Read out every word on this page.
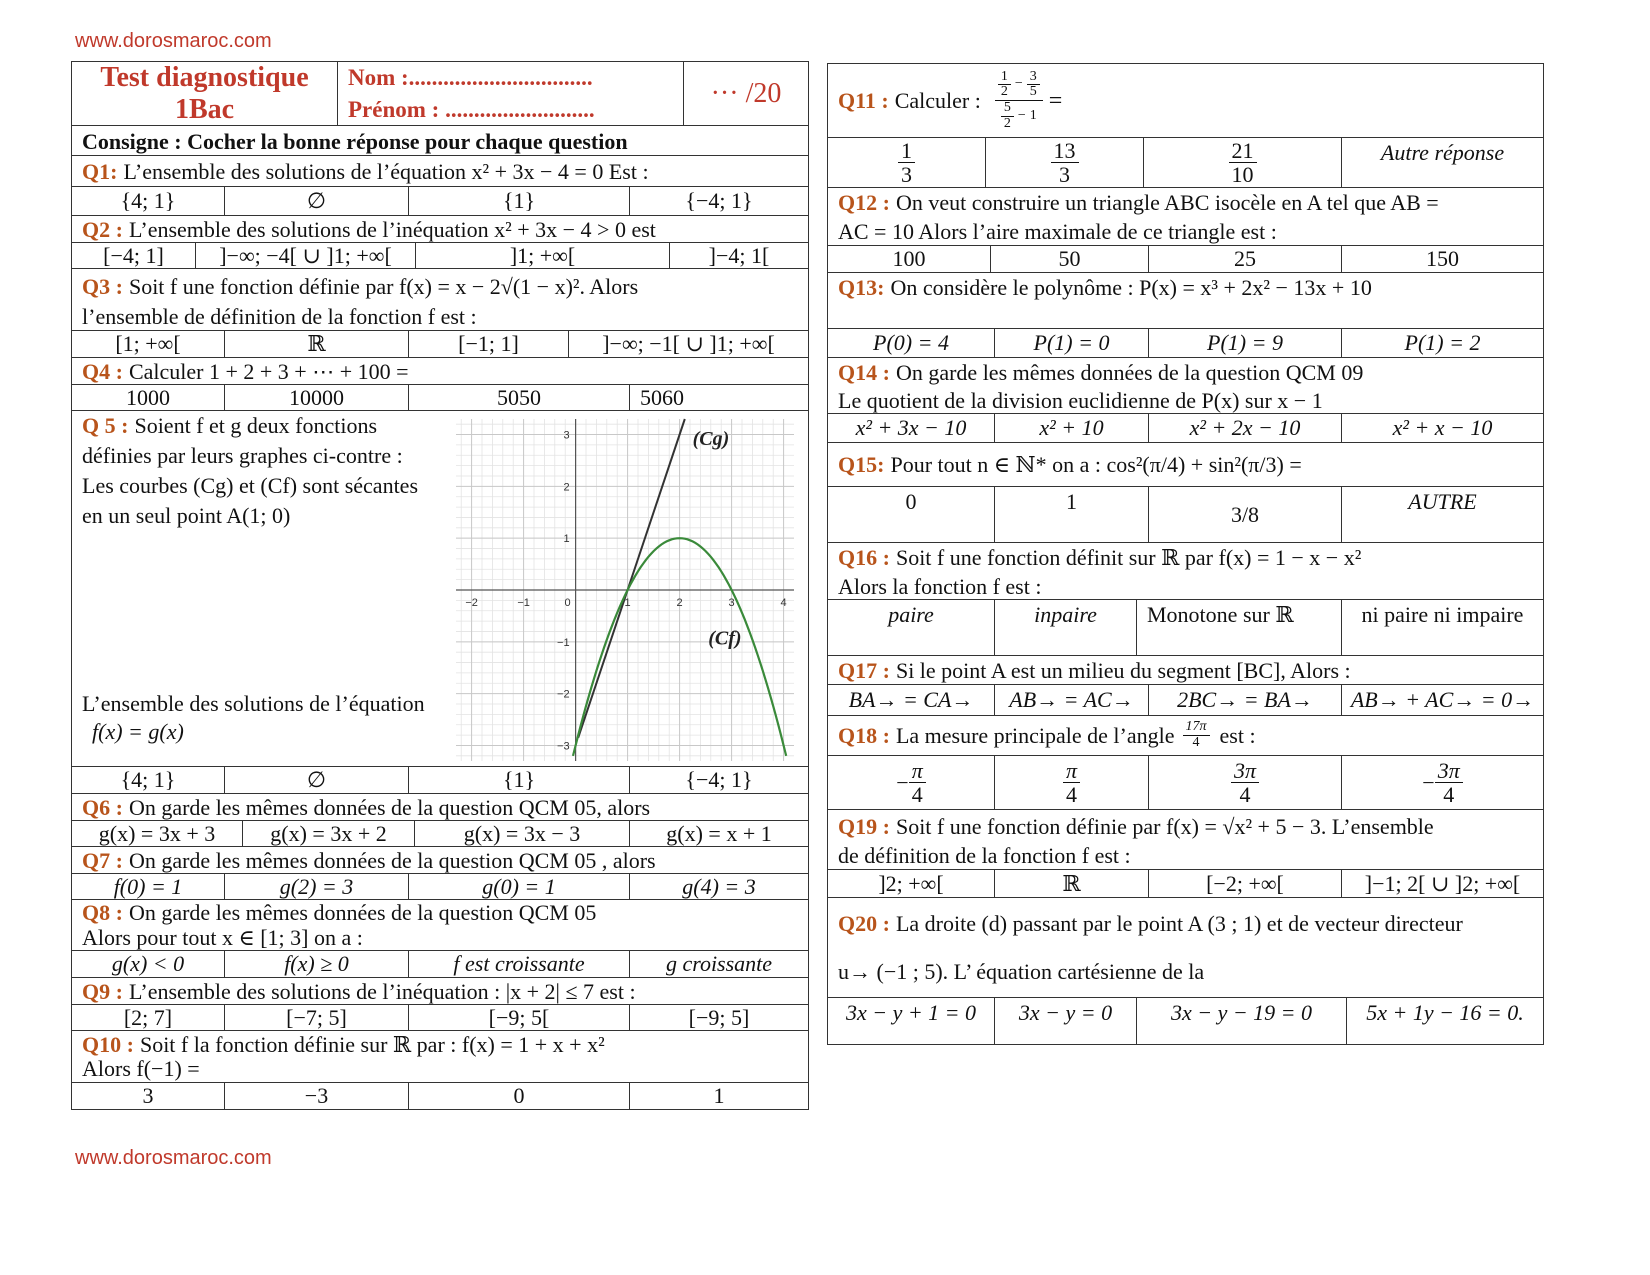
www.dorosmaroc.com
www.dorosmaroc.com
Test diagnostique
1Bac
Nom :................................
Prénom : ..........................
··· /20
Consigne : Cocher la bonne réponse pour chaque question
Q1: L’ensemble des solutions de l’équation x² + 3x − 4 = 0 Est :
{4; 1}	∅	{1}	{−4; 1}
Q2 : L’ensemble des solutions de l’inéquation x² + 3x − 4 > 0 est
[−4; 1]	]−∞; −4[ ∪ ]1; +∞[	]1; +∞[	]−4; 1[
Q3 : Soit f une fonction définie par f(x) = x − 2√(1 − x)². Alors
l’ensemble de définition de la fonction f est :
[1; +∞[	ℝ	[−1; 1]	]−∞; −1[ ∪ ]1; +∞[
Q4 : Calculer 1 + 2 + 3 + ⋯ + 100 =
1000	10000	5050	5060
Q 5 : Soient f et g deux fonctions
définies par leurs graphes ci-contre :
Les courbes (Cg) et (Cf) sont sécantes
en un seul point A(1; 0)
L’ensemble des solutions de l’équation
f(x) = g(x)
−2	−1	0	1	2	3	4
3
2
1
−1
−2
−3
(Cg)
(Cf)
{4; 1}	∅	{1}	{−4; 1}
Q6 : On garde les mêmes données de la question QCM 05, alors
g(x) = 3x + 3	g(x) = 3x + 2	g(x) = 3x − 3	g(x) = x + 1
Q7 : On garde les mêmes données de la question QCM 05 , alors
f(0) = 1	g(2) = 3	g(0) = 1	g(4) = 3
Q8 : On garde les mêmes données de la question QCM 05
Alors pour tout x ∈ [1; 3] on a :
g(x) < 0	f(x) ≥ 0	f est croissante	g croissante
Q9 : L’ensemble des solutions de l’inéquation : |x + 2| ≤ 7 est :
[2; 7]	[−7; 5]	[−9; 5[	[−9; 5]
Q10 : Soit f la fonction définie sur ℝ par : f(x) = 1 + x + x²
Alors f(−1) =
3	−3	0	1
Q11 : Calculer : $\frac{\frac{1}{2} - \frac{3}{5}}{\frac{5}{2} - 1}$ =
$\frac{1}{3}$	$\frac{13}{3}$	$\frac{21}{10}$	Autre réponse
Q12 : On veut construire un triangle ABC isocèle en A tel que AB =
AC = 10 Alors l’aire maximale de ce triangle est :
100	50	25	150
Q13: On considère le polynôme : P(x) = x³ + 2x² − 13x + 10
P(0) = 4	P(1) = 0	P(1) = 9	P(1) = 2
Q14 : On garde les mêmes données de la question QCM 09
Le quotient de la division euclidienne de P(x) sur x − 1
x² + 3x − 10	x² + 10	x² + 2x − 10	x² + x − 10
Q15: Pour tout n ∈ ℕ* on a : cos²(π/4) + sin²(π/3) =
0	1	3/8	AUTRE
Q16 : Soit f une fonction définit sur ℝ par f(x) = 1 − x − x²
Alors la fonction f est :
paire	inpaire	Monotone sur ℝ	ni paire ni impaire
Q17 : Si le point A est un milieu du segment [BC], Alors :
BA→ = CA→	AB→ = AC→	2BC→ = BA→	AB→ + AC→ = 0→
Q18 : La mesure principale de l’angle $\frac{17\pi}{4}$ est :
− $\frac{\pi}{4}$	$\frac{\pi}{4}$	$\frac{3\pi}{4}$	− $\frac{3\pi}{4}$
Q19 : Soit f une fonction définie par f(x) = √x² + 5 − 3. L’ensemble
de définition de la fonction f est :
]2; +∞[	ℝ	[−2; +∞[	]−1; 2[ ∪ ]2; +∞[
Q20 : La droite (d) passant par le point A (3 ; 1) et de vecteur directeur
u→ (−1 ; 5). L’ équation cartésienne de la
3x − y + 1 = 0	3x − y = 0	3x − y − 19 = 0	5x + 1y − 16 = 0.
